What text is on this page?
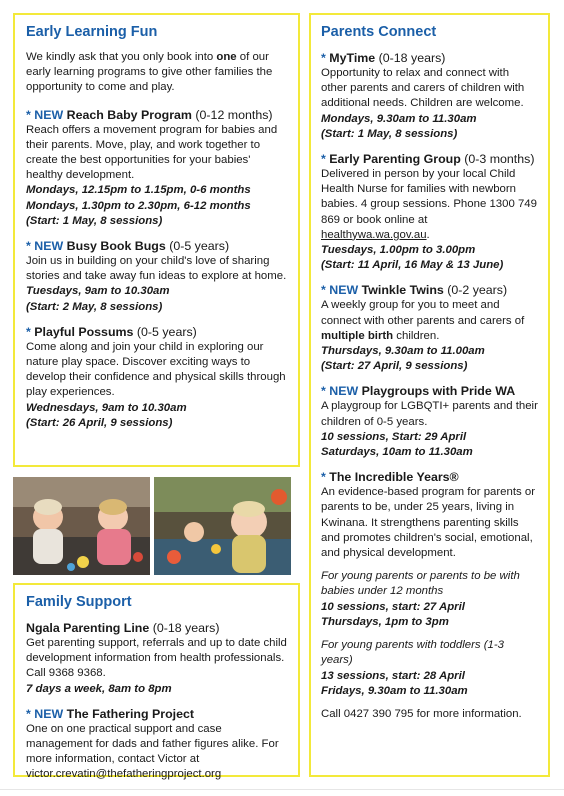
Early Learning Fun
We kindly ask that you only book into one of our early learning programs to give other families the opportunity to come and play.
* NEW Reach Baby Program (0-12 months)
Reach offers a movement program for babies and their parents. Move, play, and work together to create the best opportunities for your babies' healthy development.
Mondays, 12.15pm to 1.15pm, 0-6 months
Mondays, 1.30pm to 2.30pm, 6-12 months
(Start: 1 May, 8 sessions)
* NEW Busy Book Bugs (0-5 years)
Join us in building on your child's love of sharing stories and take away fun ideas to explore at home.
Tuesdays, 9am to 10.30am
(Start: 2 May, 8 sessions)
* Playful Possums (0-5 years)
Come along and join your child in exploring our nature play space. Discover exciting ways to develop their confidence and physical skills through play experiences.
Wednesdays, 9am to 10.30am
(Start: 26 April, 9 sessions)
Family Support
Ngala Parenting Line (0-18 years)
Get parenting support, referrals and up to date child development information from health professionals. Call 9368 9368.
7 days a week, 8am to 8pm
* NEW The Fathering Project
One on one practical support and case management for dads and father figures alike. For more information, contact Victor at victor.crevatin@thefatheringproject.org
Parents Connect
* MyTime (0-18 years)
Opportunity to relax and connect with other parents and carers of children with additional needs. Children are welcome.
Mondays, 9.30am to 11.30am
(Start: 1 May, 8 sessions)
* Early Parenting Group (0-3 months)
Delivered in person by your local Child Health Nurse for families with newborn babies. 4 group sessions. Phone 1300 749 869 or book online at healthywa.wa.gov.au.
Tuesdays, 1.00pm to 3.00pm
(Start: 11 April, 16 May & 13 June)
* NEW Twinkle Twins (0-2 years)
A weekly group for you to meet and connect with other parents and carers of multiple birth children.
Thursdays, 9.30am to 11.00am
(Start: 27 April, 9 sessions)
* NEW Playgroups with Pride WA
A playgroup for LGBQTI+ parents and their children of 0-5 years.
10 sessions, Start: 29 April
Saturdays, 10am to 11.30am
* The Incredible Years®
An evidence-based program for parents or parents to be, under 25 years, living in Kwinana. It strengthens parenting skills and promotes children's social, emotional, and physical development.
For young parents or parents to be with babies under 12 months
10 sessions, start: 27 April
Thursdays, 1pm to 3pm
For young parents with toddlers (1-3 years)
13 sessions, start: 28 April
Fridays, 9.30am to 11.30am
Call 0427 390 795 for more information.
